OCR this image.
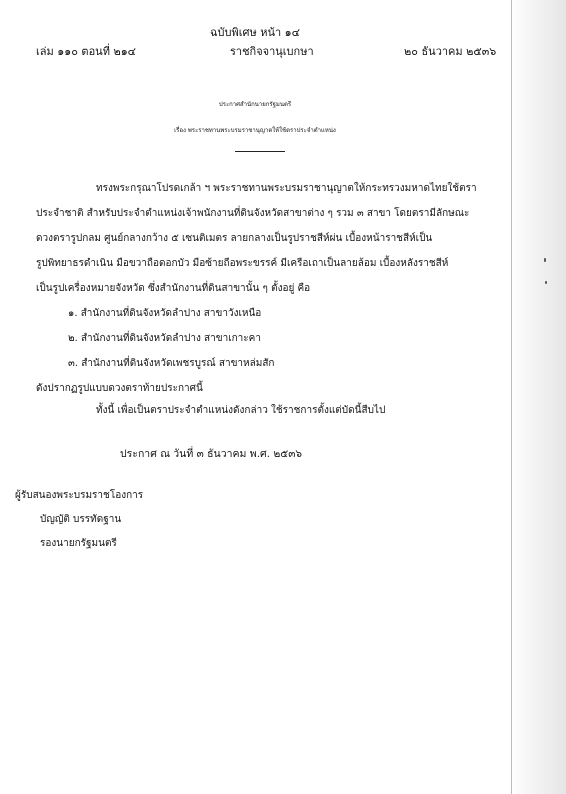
ฉบับพิเศษ หน้า ๑๔
เล่ม ๑๑๐ ตอนที่ ๒๑๔	ราชกิจจานุเบกษา	๒๐ ธันวาคม ๒๕๓๖
ประกาศสำนักนายกรัฐมนตรี
เรื่อง พระราชทานพระบรมราชานุญาตให้ใช้ตราประจำตำแหน่ง
ทรงพระกรุณาโปรดเกล้า ฯ พระราชทานพระบรมราชานุญาตให้กระทรวงมหาดไทยใช้ตรา
ประจำชาติ สำหรับประจำตำแหน่งเจ้าพนักงานที่ดินจังหวัดสาขาต่าง ๆ รวม ๓ สาขา โดยตรามีลักษณะ
ดวงตรารูปกลม ศูนย์กลางกว้าง ๕ เซนติเมตร ลายกลางเป็นรูปราชสีห์ผ่น เบื้องหน้าราชสีห์เป็น
รูปพิทยาธรดำเนิน มือขวาถือดอกบัว มือซ้ายถือพระขรรค์ มีเครือเถาเป็นลายล้อม เบื้องหลังราชสีห์
เป็นรูปเครื่องหมายจังหวัด ซึ่งสำนักงานที่ดินสาขานั้น ๆ ตั้งอยู่ คือ
๑. สำนักงานที่ดินจังหวัดลำปาง สาขาวังเหนือ
๒. สำนักงานที่ดินจังหวัดลำปาง สาขาเกาะคา
๓. สำนักงานที่ดินจังหวัดเพชรบูรณ์ สาขาหล่มสัก
ดังปรากฏรูปแบบดวงตราท้ายประกาศนี้
ทั้งนี้ เพื่อเป็นตราประจำตำแหน่งดังกล่าว ใช้ราชการตั้งแต่บัดนี้สืบไป
ประกาศ ณ วันที่ ๓ ธันวาคม พ.ศ. ๒๕๓๖
ผู้รับสนองพระบรมราชโองการ
บัญญัติ บรรทัดฐาน
รองนายกรัฐมนตรี
